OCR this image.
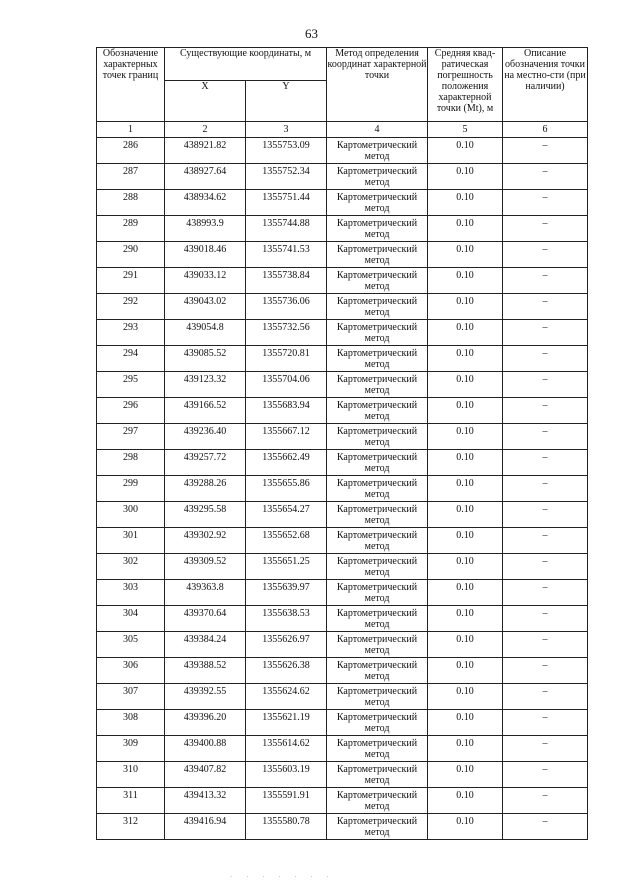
63
Обозначение характерных точек границ	Существующие координаты, м		Метод определения координат характерной точки	Средняя квад-ратическая погрешность положения характерной точки (Mt), м	Описание обозначения точки на местно-сти (при наличии)
	X	Y			
1	2	3	4	5	6
286	438921.82	1355753.09	Картометрический метод	0.10	–
287	438927.64	1355752.34	Картометрический метод	0.10	–
288	438934.62	1355751.44	Картометрический метод	0.10	–
289	438993.9	1355744.88	Картометрический метод	0.10	–
290	439018.46	1355741.53	Картометрический метод	0.10	–
291	439033.12	1355738.84	Картометрический метод	0.10	–
292	439043.02	1355736.06	Картометрический метод	0.10	–
293	439054.8	1355732.56	Картометрический метод	0.10	–
294	439085.52	1355720.81	Картометрический метод	0.10	–
295	439123.32	1355704.06	Картометрический метод	0.10	–
296	439166.52	1355683.94	Картометрический метод	0.10	–
297	439236.40	1355667.12	Картометрический метод	0.10	–
298	439257.72	1355662.49	Картометрический метод	0.10	–
299	439288.26	1355655.86	Картометрический метод	0.10	–
300	439295.58	1355654.27	Картометрический метод	0.10	–
301	439302.92	1355652.68	Картометрический метод	0.10	–
302	439309.52	1355651.25	Картометрический метод	0.10	–
303	439363.8	1355639.97	Картометрический метод	0.10	–
304	439370.64	1355638.53	Картометрический метод	0.10	–
305	439384.24	1355626.97	Картометрический метод	0.10	–
306	439388.52	1355626.38	Картометрический метод	0.10	–
307	439392.55	1355624.62	Картометрический метод	0.10	–
308	439396.20	1355621.19	Картометрический метод	0.10	–
309	439400.88	1355614.62	Картометрический метод	0.10	–
310	439407.82	1355603.19	Картометрический метод	0.10	–
311	439413.32	1355591.91	Картометрический метод	0.10	–
312	439416.94	1355580.78	Картометрический метод	0.10	–
· · · · · · ·
